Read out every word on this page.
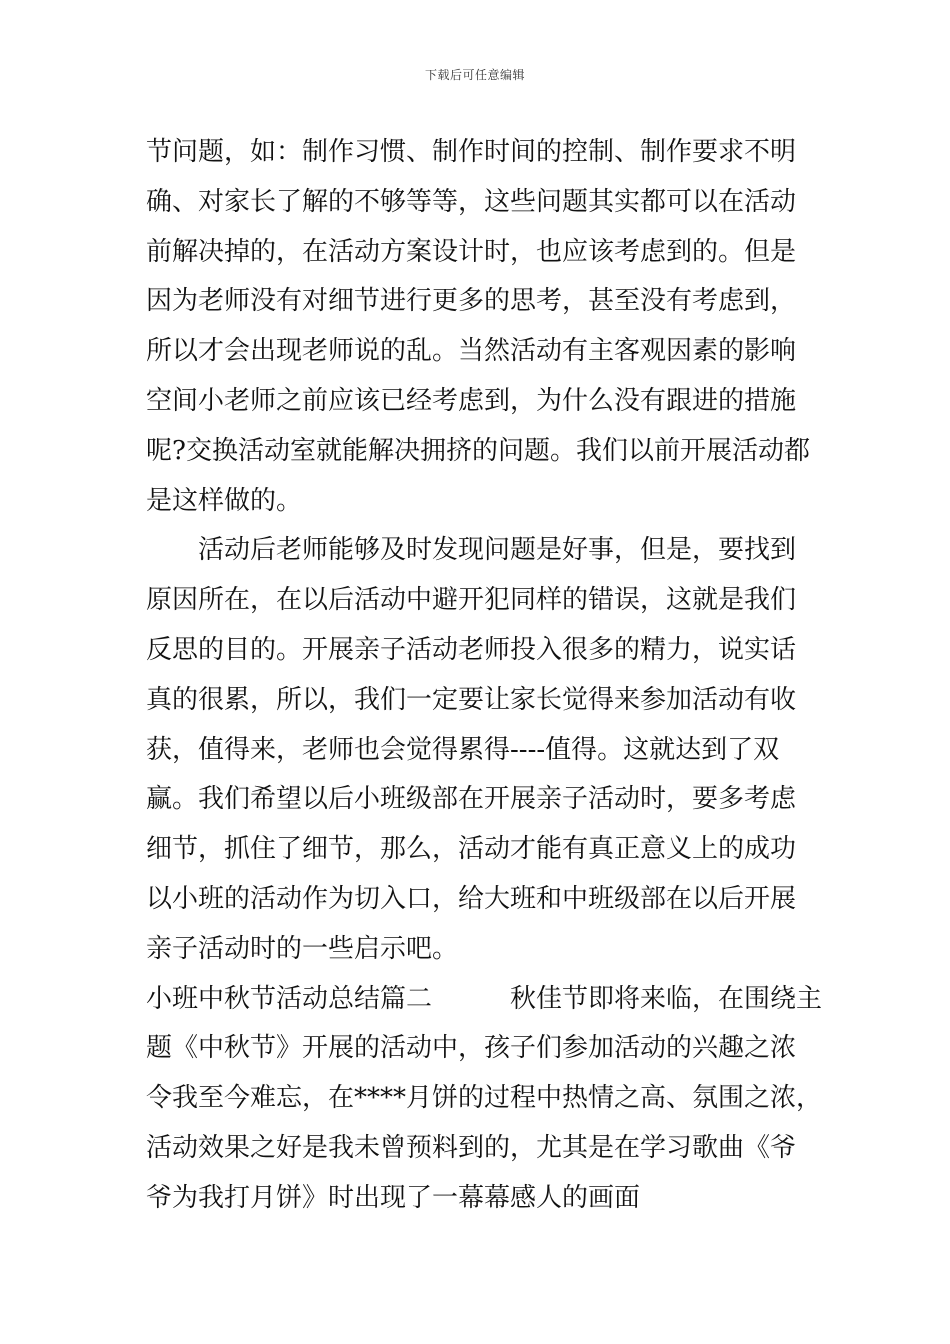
下载后可任意编辑
节问题，如：制作习惯、制作时间的控制、制作要求不明
确、对家长了解的不够等等，这些问题其实都可以在活动
前解决掉的，在活动方案设计时，也应该考虑到的。但是
因为老师没有对细节进行更多的思考，甚至没有考虑到，
所以才会出现老师说的乱。当然活动有主客观因素的影响
空间小老师之前应该已经考虑到，为什么没有跟进的措施
呢?交换活动室就能解决拥挤的问题。我们以前开展活动都
是这样做的。
　　活动后老师能够及时发现问题是好事，但是，要找到
原因所在，在以后活动中避开犯同样的错误，这就是我们
反思的目的。开展亲子活动老师投入很多的精力，说实话
真的很累，所以，我们一定要让家长觉得来参加活动有收
获，值得来，老师也会觉得累得----值得。这就达到了双
赢。我们希望以后小班级部在开展亲子活动时，要多考虑
细节，抓住了细节，那么，活动才能有真正意义上的成功
以小班的活动作为切入口，给大班和中班级部在以后开展
亲子活动时的一些启示吧。
小班中秋节活动总结篇二　　　秋佳节即将来临，在围绕主
题《中秋节》开展的活动中，孩子们参加活动的兴趣之浓
令我至今难忘，在****月饼的过程中热情之高、氛围之浓，
活动效果之好是我未曾预料到的，尤其是在学习歌曲《爷
爷为我打月饼》时出现了一幕幕感人的画面
